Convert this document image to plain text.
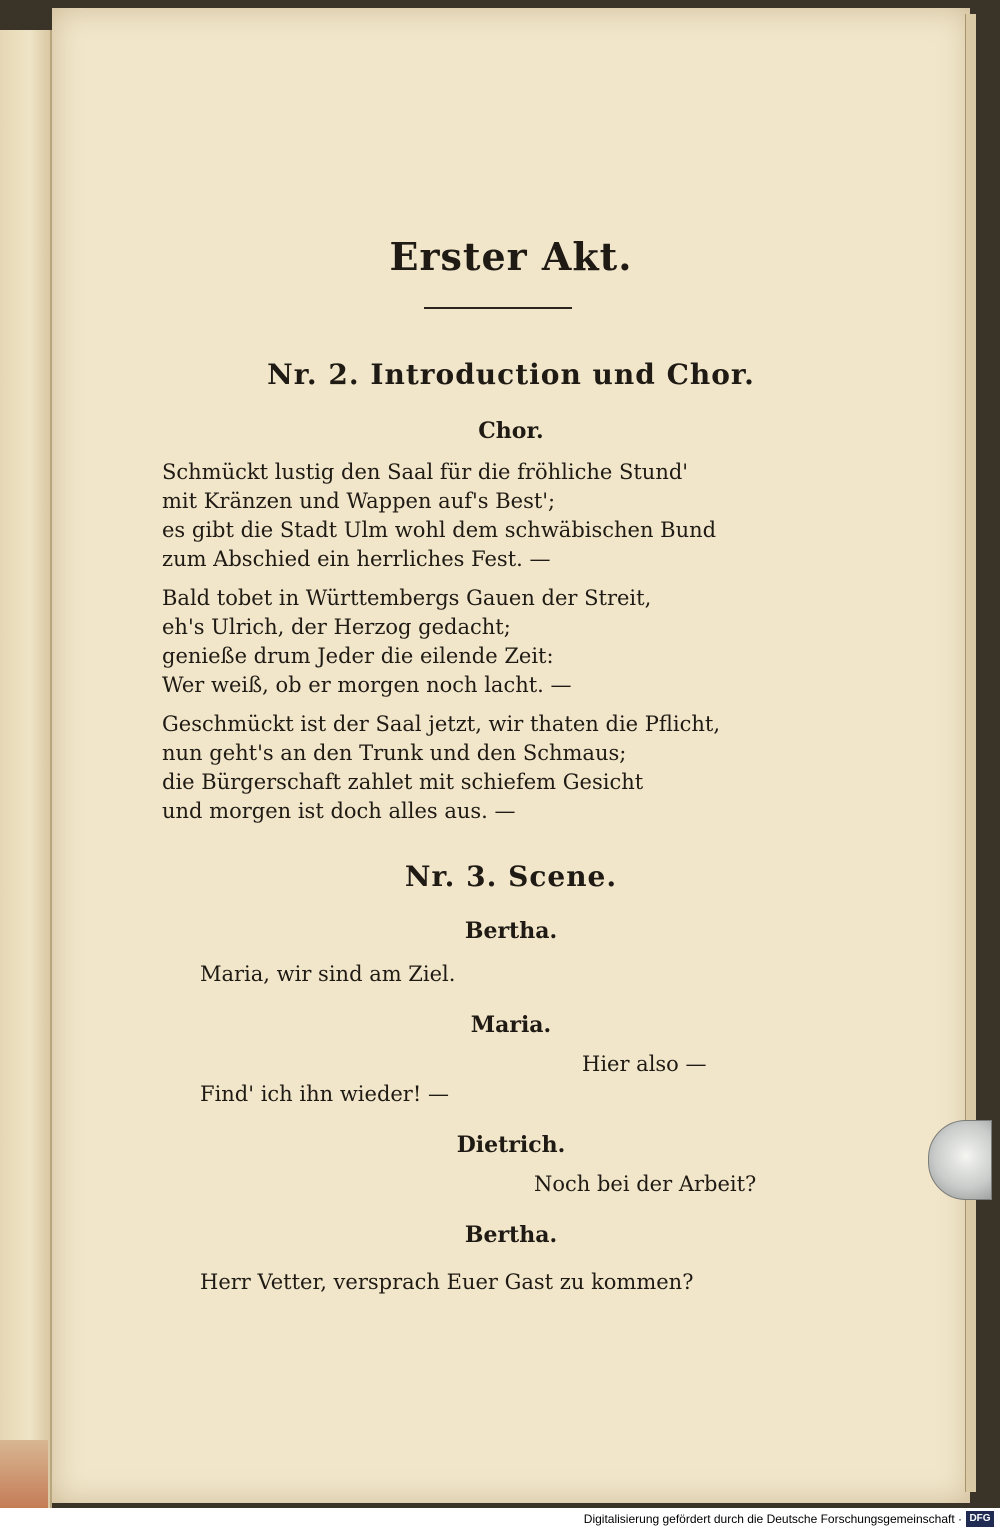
Erster Akt.
Nr. 2. Introduction und Chor.
Chor.
Schmückt lustig den Saal für die fröhliche Stund'
mit Kränzen und Wappen auf's Best';
es gibt die Stadt Ulm wohl dem schwäbischen Bund
zum Abschied ein herrliches Fest. —
Bald tobet in Württembergs Gauen der Streit,
eh's Ulrich, der Herzog gedacht;
genieße drum Jeder die eilende Zeit:
Wer weiß, ob er morgen noch lacht. —
Geschmückt ist der Saal jetzt, wir thaten die Pflicht,
nun geht's an den Trunk und den Schmaus;
die Bürgerschaft zahlet mit schiefem Gesicht
und morgen ist doch alles aus. —
Nr. 3. Scene.
Bertha.
Maria, wir sind am Ziel.
Maria.
Hier also —
Find' ich ihn wieder! —
Dietrich.
Noch bei der Arbeit?
Bertha.
Herr Vetter, versprach Euer Gast zu kommen?
Digitalisierung gefördert durch die Deutsche Forschungsgemeinschaft · DFG
